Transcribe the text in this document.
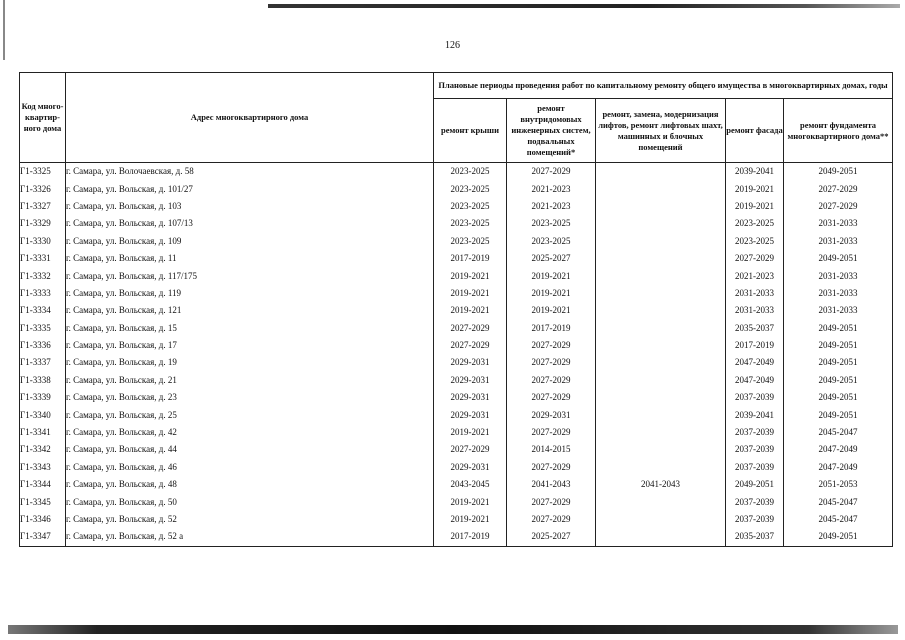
126
Код много-квартир-ного дома	Адрес многоквартирного дома	Плановые периоды проведения работ по капитальному ремонту общего имущества в многоквартирных домах, годы				
		ремонт крыши	ремонт внутридомовых инженерных систем, подвальных помещений*	ремонт, замена, модернизация лифтов, ремонт лифтовых шахт, машинных и блочных помещений	ремонт фасада	ремонт фундамента многоквартирного дома**
Г1-3325	г. Самара, ул. Волочаевская, д. 58	2023-2025	2027-2029		2039-2041	2049-2051
Г1-3326	г. Самара, ул. Вольская, д. 101/27	2023-2025	2021-2023		2019-2021	2027-2029
Г1-3327	г. Самара, ул. Вольская, д. 103	2023-2025	2021-2023		2019-2021	2027-2029
Г1-3329	г. Самара, ул. Вольская, д. 107/13	2023-2025	2023-2025		2023-2025	2031-2033
Г1-3330	г. Самара, ул. Вольская, д. 109	2023-2025	2023-2025		2023-2025	2031-2033
Г1-3331	г. Самара, ул. Вольская, д. 11	2017-2019	2025-2027		2027-2029	2049-2051
Г1-3332	г. Самара, ул. Вольская, д. 117/175	2019-2021	2019-2021		2021-2023	2031-2033
Г1-3333	г. Самара, ул. Вольская, д. 119	2019-2021	2019-2021		2031-2033	2031-2033
Г1-3334	г. Самара, ул. Вольская, д. 121	2019-2021	2019-2021		2031-2033	2031-2033
Г1-3335	г. Самара, ул. Вольская, д. 15	2027-2029	2017-2019		2035-2037	2049-2051
Г1-3336	г. Самара, ул. Вольская, д. 17	2027-2029	2027-2029		2017-2019	2049-2051
Г1-3337	г. Самара, ул. Вольская, д. 19	2029-2031	2027-2029		2047-2049	2049-2051
Г1-3338	г. Самара, ул. Вольская, д. 21	2029-2031	2027-2029		2047-2049	2049-2051
Г1-3339	г. Самара, ул. Вольская, д. 23	2029-2031	2027-2029		2037-2039	2049-2051
Г1-3340	г. Самара, ул. Вольская, д. 25	2029-2031	2029-2031		2039-2041	2049-2051
Г1-3341	г. Самара, ул. Вольская, д. 42	2019-2021	2027-2029		2037-2039	2045-2047
Г1-3342	г. Самара, ул. Вольская, д. 44	2027-2029	2014-2015		2037-2039	2047-2049
Г1-3343	г. Самара, ул. Вольская, д. 46	2029-2031	2027-2029		2037-2039	2047-2049
Г1-3344	г. Самара, ул. Вольская, д. 48	2043-2045	2041-2043	2041-2043	2049-2051	2051-2053
Г1-3345	г. Самара, ул. Вольская, д. 50	2019-2021	2027-2029		2037-2039	2045-2047
Г1-3346	г. Самара, ул. Вольская, д. 52	2019-2021	2027-2029		2037-2039	2045-2047
Г1-3347	г. Самара, ул. Вольская, д. 52 а	2017-2019	2025-2027		2035-2037	2049-2051
